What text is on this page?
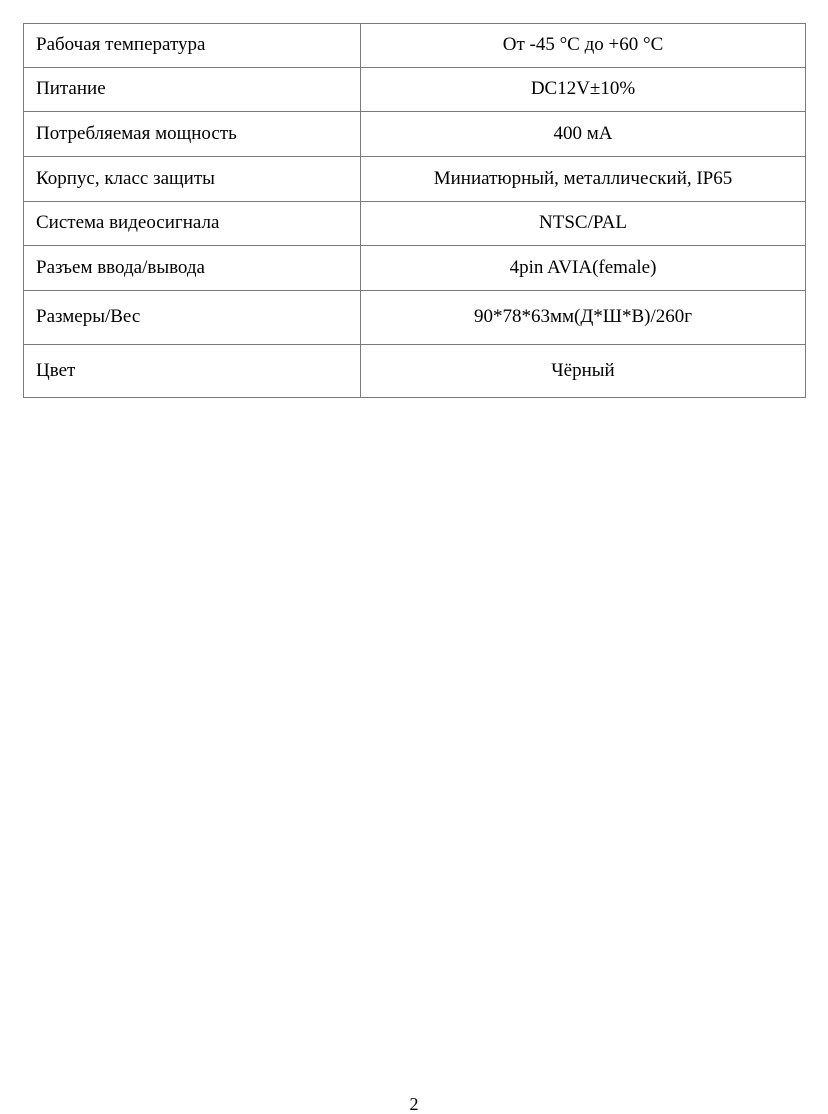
Рабочая температура	От -45 °С до +60 °С
Питание	DC12V±10%
Потребляемая мощность	400 мА
Корпус, класс защиты	Миниатюрный, металлический, IP65
Система видеосигнала	NTSC/PAL
Разъем ввода/вывода	4pin AVIA(female)
Размеры/Вес	90*78*63мм(Д*Ш*В)/260г
Цвет	Чёрный
2
